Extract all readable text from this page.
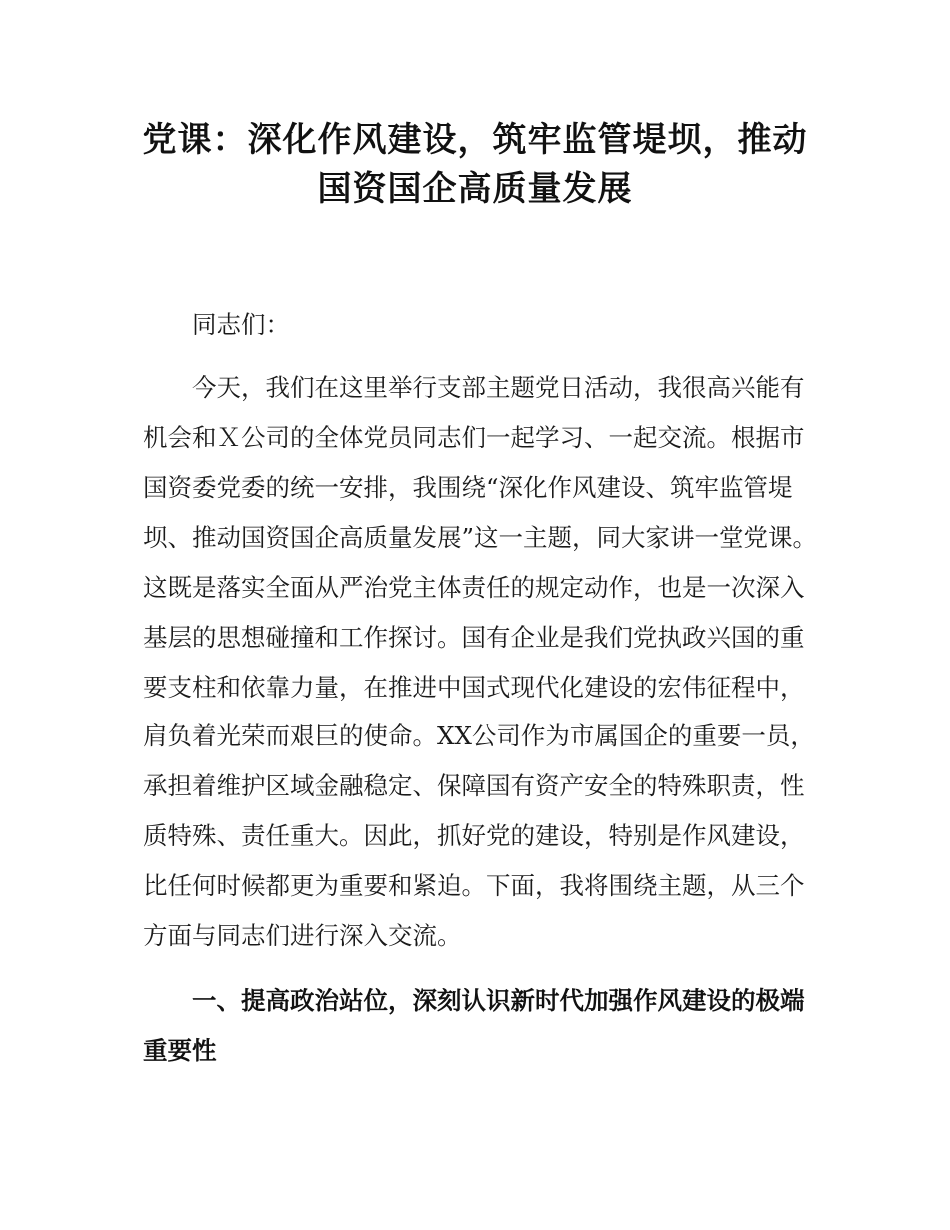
党课：深化作风建设，筑牢监管堤坝，推动
国资国企高质量发展
同志们：
今天，我们在这里举行支部主题党日活动，我很高兴能有
机会和Ｘ公司的全体党员同志们一起学习、一起交流。根据市
国资委党委的统一安排，我围绕“深化作风建设、筑牢监管堤
坝、推动国资国企高质量发展”这一主题，同大家讲一堂党课。
这既是落实全面从严治党主体责任的规定动作，也是一次深入
基层的思想碰撞和工作探讨。国有企业是我们党执政兴国的重
要支柱和依靠力量，在推进中国式现代化建设的宏伟征程中，
肩负着光荣而艰巨的使命。XX公司作为市属国企的重要一员，
承担着维护区域金融稳定、保障国有资产安全的特殊职责，性
质特殊、责任重大。因此，抓好党的建设，特别是作风建设，
比任何时候都更为重要和紧迫。下面，我将围绕主题，从三个
方面与同志们进行深入交流。
一、提高政治站位，深刻认识新时代加强作风建设的极端
重要性
